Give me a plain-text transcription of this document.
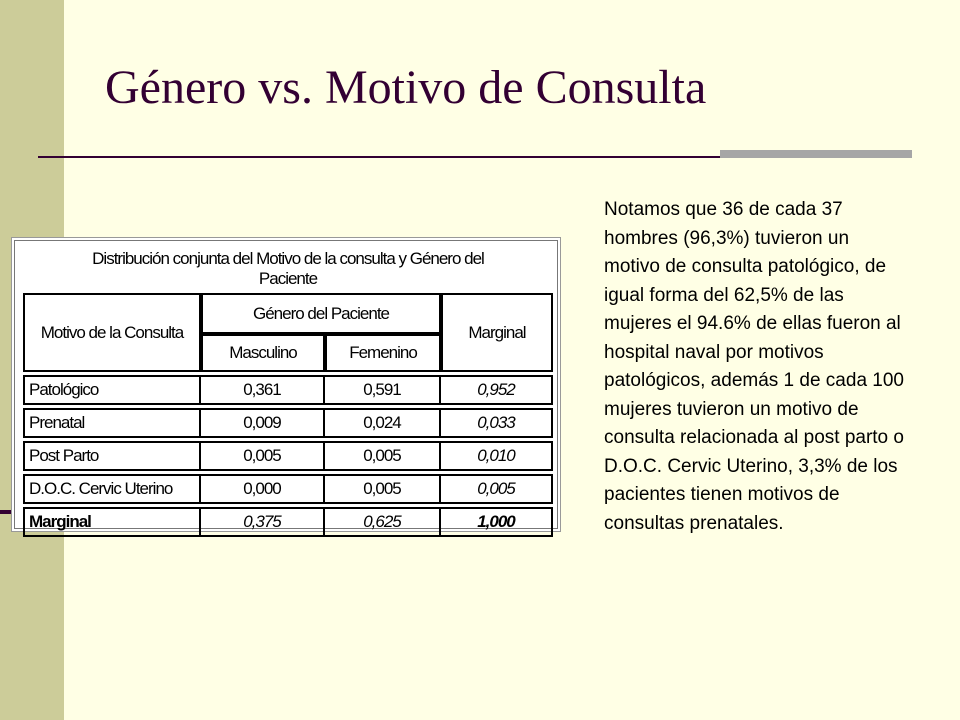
Género vs. Motivo de Consulta
Distribución conjunta del Motivo de la consulta y Género del
Paciente			
Motivo de la Consulta	Género del Paciente		Marginal
	Masculino	Femenino	

Patológico	0,361	0,591	0,952

Prenatal	0,009	0,024	0,033

Post Parto	0,005	0,005	0,010

D.O.C. Cervic Uterino	0,000	0,005	0,005

Marginal	0,375	0,625	1,000

Notamos que 36 de cada 37 hombres (96,3%) tuvieron un motivo de consulta patológico, de igual forma del 62,5% de las mujeres el 94.6% de ellas fueron al hospital naval por motivos patológicos, además 1 de cada 100 mujeres tuvieron un motivo de consulta relacionada al post parto o D.O.C. Cervic Uterino, 3,3% de los pacientes tienen motivos de consultas prenatales.
